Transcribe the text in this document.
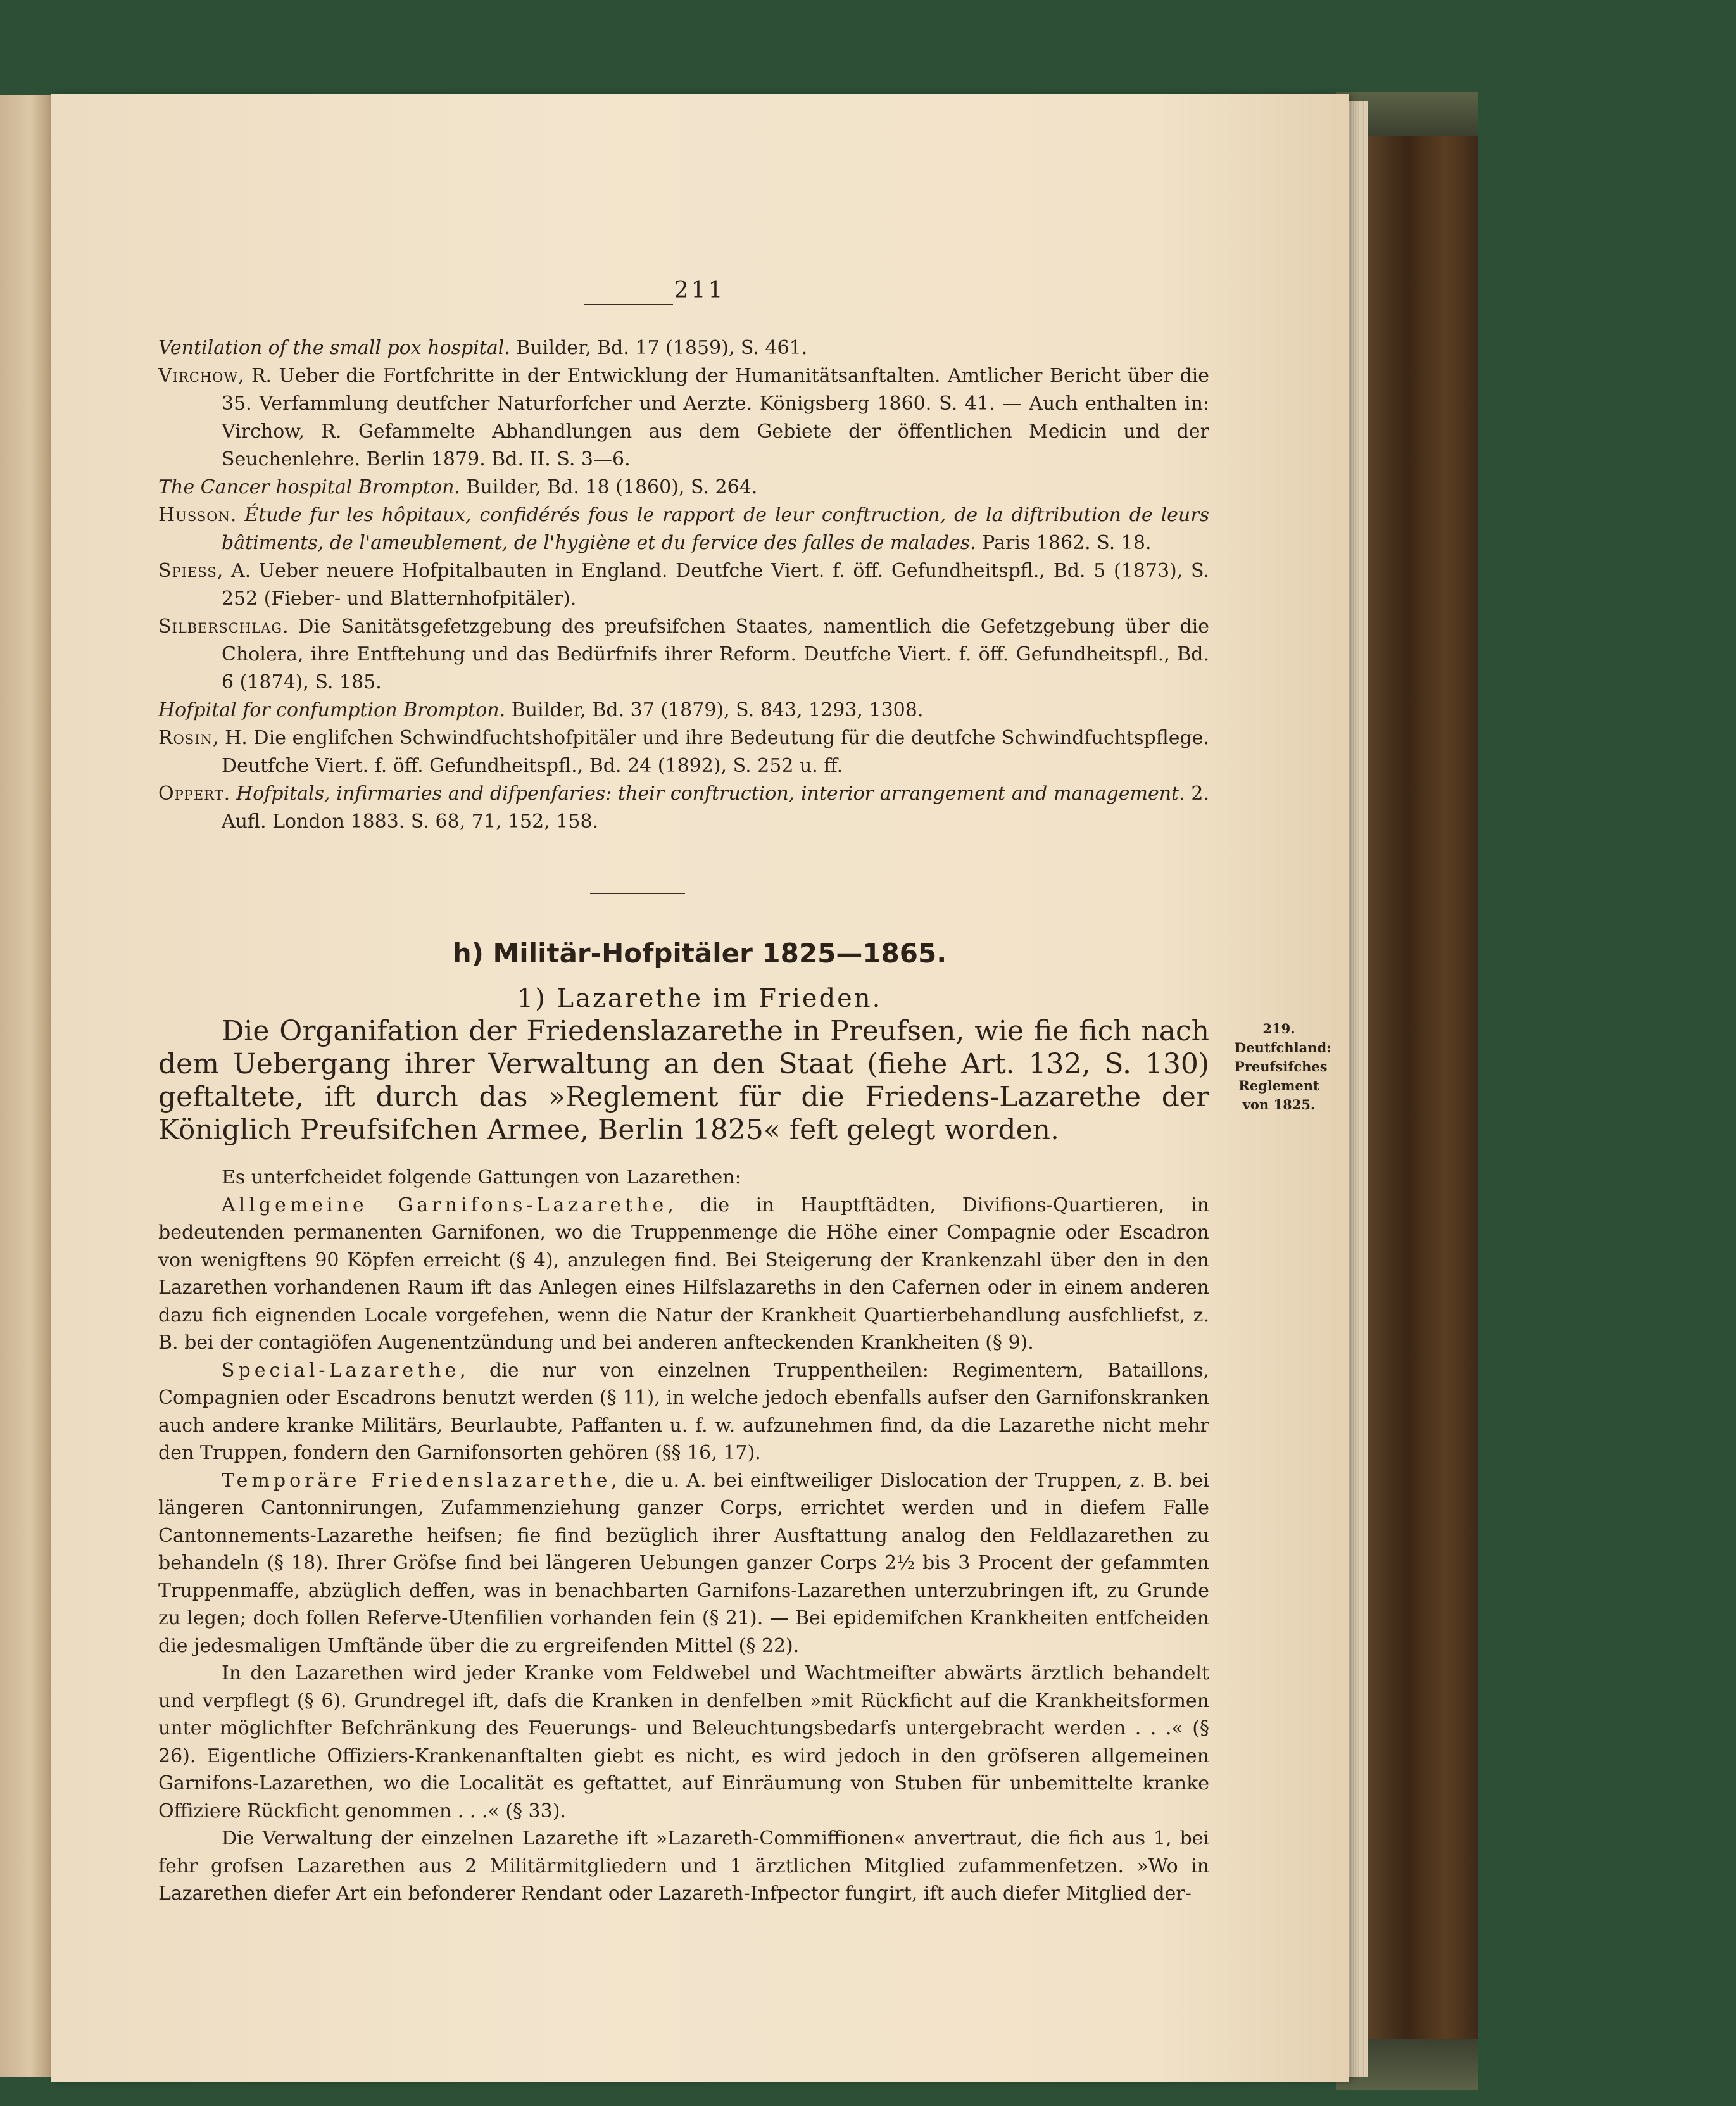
211

Ventilation of the small pox hospital. Builder, Bd. 17 (1859), S. 461.

Virchow, R. Ueber die Fortfchritte in der Entwicklung der Humanitätsanftalten. Amtlicher Bericht über die 35. Verfammlung deutfcher Naturforfcher und Aerzte. Königsberg 1860. S. 41. — Auch enthalten in: Virchow, R. Gefammelte Abhandlungen aus dem Gebiete der öffentlichen Medicin und der Seuchenlehre. Berlin 1879. Bd. II. S. 3—6.

The Cancer hospital Brompton. Builder, Bd. 18 (1860), S. 264.

Husson. Étude fur les hôpitaux, confidérés fous le rapport de leur conftruction, de la diftribution de leurs bâtiments, de l'ameublement, de l'hygiène et du fervice des falles de malades. Paris 1862. S. 18.

Spiess, A. Ueber neuere Hofpitalbauten in England. Deutfche Viert. f. öff. Gefundheitspfl., Bd. 5 (1873), S. 252 (Fieber- und Blatternhofpitäler).

Silberschlag. Die Sanitätsgefetzgebung des preufsifchen Staates, namentlich die Gefetzgebung über die Cholera, ihre Entftehung und das Bedürfnifs ihrer Reform. Deutfche Viert. f. öff. Gefundheitspfl., Bd. 6 (1874), S. 185.

Hofpital for confumption Brompton. Builder, Bd. 37 (1879), S. 843, 1293, 1308.

Rosin, H. Die englifchen Schwindfuchtshofpitäler und ihre Bedeutung für die deutfche Schwindfuchtspflege. Deutfche Viert. f. öff. Gefundheitspfl., Bd. 24 (1892), S. 252 u. ff.

Oppert. Hofpitals, infirmaries and difpenfaries: their conftruction, interior arrangement and management. 2. Aufl. London 1883. S. 68, 71, 152, 158.

h) Militär-Hofpitäler 1825—1865.
1) Lazarethe im Frieden.

Die Organifation der Friedenslazarethe in Preufsen, wie fie fich nach dem Uebergang ihrer Verwaltung an den Staat (fiehe Art. 132, S. 130) geftaltete, ift durch das »Reglement für die Friedens-Lazarethe der Königlich Preufsifchen Armee, Berlin 1825« feft gelegt worden.

219.
Deutfchland:
Preufsifches
Reglement
von 1825.

Es unterfcheidet folgende Gattungen von Lazarethen:

Allgemeine Garnifons-Lazarethe, die in Hauptftädten, Divifions-Quartieren, in bedeutenden permanenten Garnifonen, wo die Truppenmenge die Höhe einer Compagnie oder Escadron von wenigftens 90 Köpfen erreicht (§ 4), anzulegen find. Bei Steigerung der Krankenzahl über den in den Lazarethen vorhandenen Raum ift das Anlegen eines Hilfslazareths in den Cafernen oder in einem anderen dazu fich eignenden Locale vorgefehen, wenn die Natur der Krankheit Quartierbehandlung ausfchliefst, z. B. bei der contagiöfen Augenentzündung und bei anderen anfteckenden Krankheiten (§ 9).

Special-Lazarethe, die nur von einzelnen Truppentheilen: Regimentern, Bataillons, Compagnien oder Escadrons benutzt werden (§ 11), in welche jedoch ebenfalls aufser den Garnifonskranken auch andere kranke Militärs, Beurlaubte, Paffanten u. f. w. aufzunehmen find, da die Lazarethe nicht mehr den Truppen, fondern den Garnifonsorten gehören (§§ 16, 17).

Temporäre Friedenslazarethe, die u. A. bei einftweiliger Dislocation der Truppen, z. B. bei längeren Cantonnirungen, Zufammenziehung ganzer Corps, errichtet werden und in diefem Falle Cantonnements-Lazarethe heifsen; fie find bezüglich ihrer Ausftattung analog den Feldlazarethen zu behandeln (§ 18). Ihrer Gröfse find bei längeren Uebungen ganzer Corps 2½ bis 3 Procent der gefammten Truppenmaffe, abzüglich deffen, was in benachbarten Garnifons-Lazarethen unterzubringen ift, zu Grunde zu legen; doch follen Referve-Utenfilien vorhanden fein (§ 21). — Bei epidemifchen Krankheiten entfcheiden die jedesmaligen Umftände über die zu ergreifenden Mittel (§ 22).

In den Lazarethen wird jeder Kranke vom Feldwebel und Wachtmeifter abwärts ärztlich behandelt und verpflegt (§ 6). Grundregel ift, dafs die Kranken in denfelben »mit Rückficht auf die Krankheitsformen unter möglichfter Befchränkung des Feuerungs- und Beleuchtungsbedarfs untergebracht werden . . .« (§ 26). Eigentliche Offiziers-Krankenanftalten giebt es nicht, es wird jedoch in den gröfseren allgemeinen Garnifons-Lazarethen, wo die Localität es geftattet, auf Einräumung von Stuben für unbemittelte kranke Offiziere Rückficht genommen . . .« (§ 33).

Die Verwaltung der einzelnen Lazarethe ift »Lazareth-Commiffionen« anvertraut, die fich aus 1, bei fehr grofsen Lazarethen aus 2 Militärmitgliedern und 1 ärztlichen Mitglied zufammenfetzen. »Wo in Lazarethen diefer Art ein befonderer Rendant oder Lazareth-Infpector fungirt, ift auch diefer Mitglied der-
